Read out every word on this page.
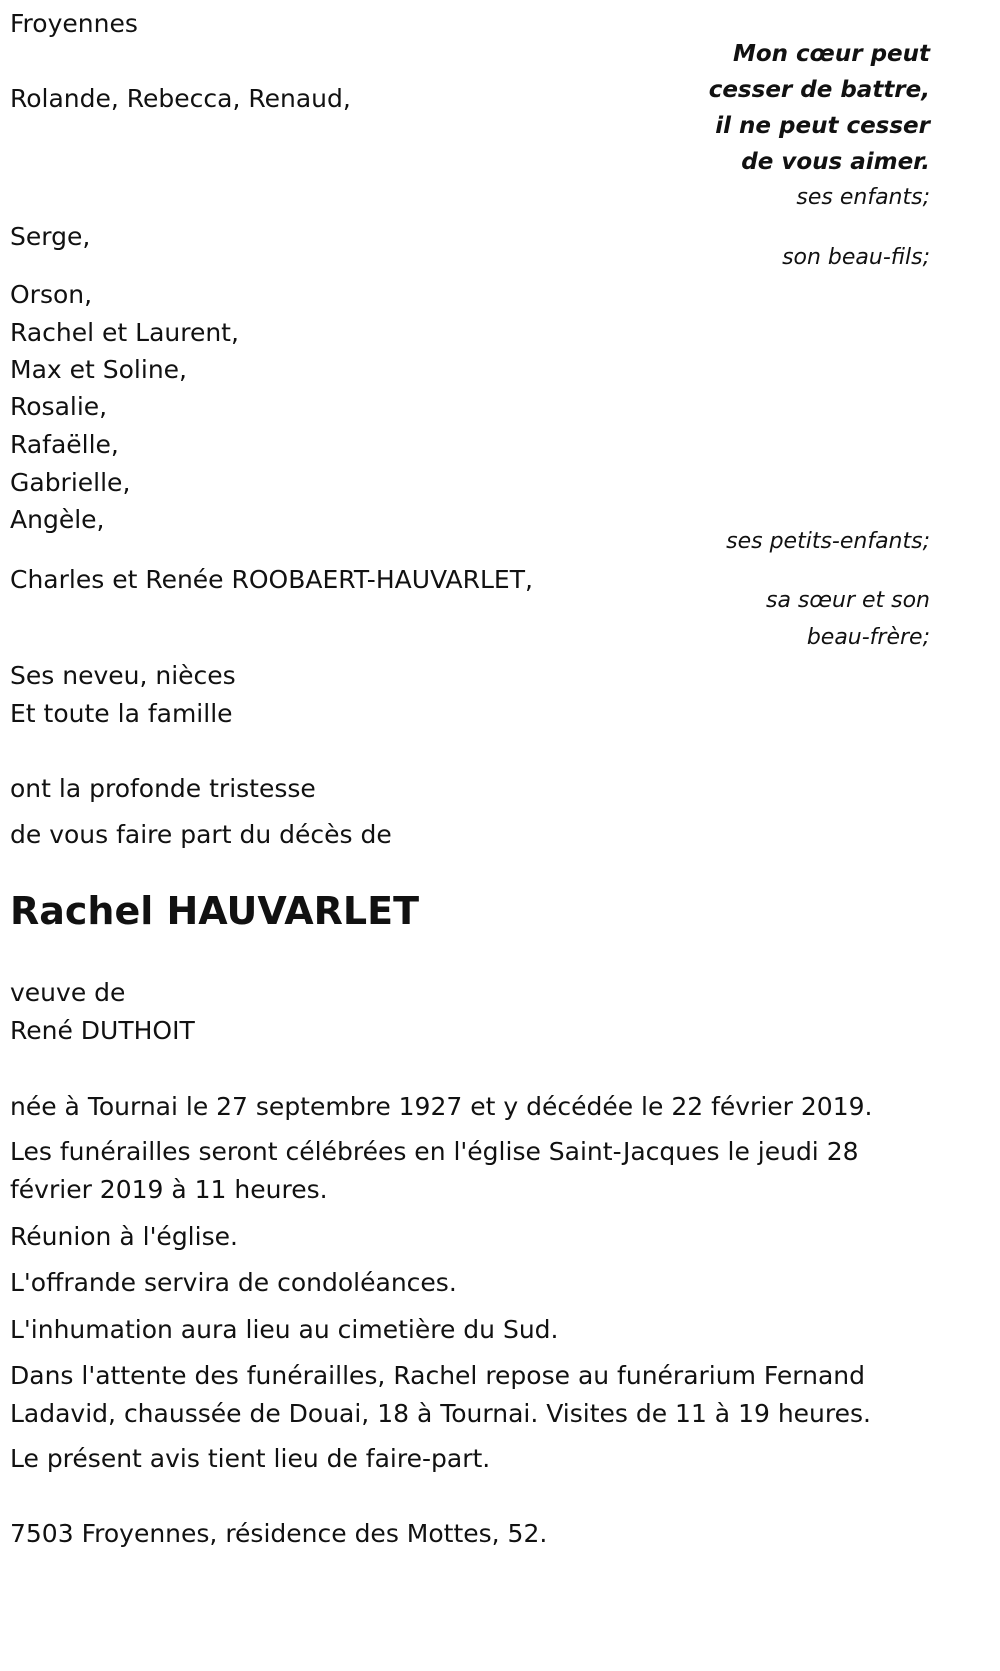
Froyennes

Mon cœur peut

cesser de battre,

il ne peut cesser

de vous aimer.

Rolande, Rebecca, Renaud,

ses enfants;

Serge,

son beau-fils;

Orson,

Rachel et Laurent,

Max et Soline,

Rosalie,

Rafaëlle,

Gabrielle,

Angèle,

ses petits-enfants;

Charles et Renée ROOBAERT-HAUVARLET,

sa sœur et son

beau-frère;

Ses neveu, nièces

Et toute la famille

ont la profonde tristesse

de vous faire part du décès de

Rachel HAUVARLET

veuve de

René DUTHOIT

née à Tournai le 27 septembre 1927 et y décédée le 22 février 2019.

Les funérailles seront célébrées en l'église Saint-Jacques le jeudi 28 février 2019 à 11 heures.

Réunion à l'église.

L'offrande servira de condoléances.

L'inhumation aura lieu au cimetière du Sud.

Dans l'attente des funérailles, Rachel repose au funérarium Fernand Ladavid, chaussée de Douai, 18 à Tournai. Visites de 11 à 19 heures.

Le présent avis tient lieu de faire-part.

7503 Froyennes, résidence des Mottes, 52.
